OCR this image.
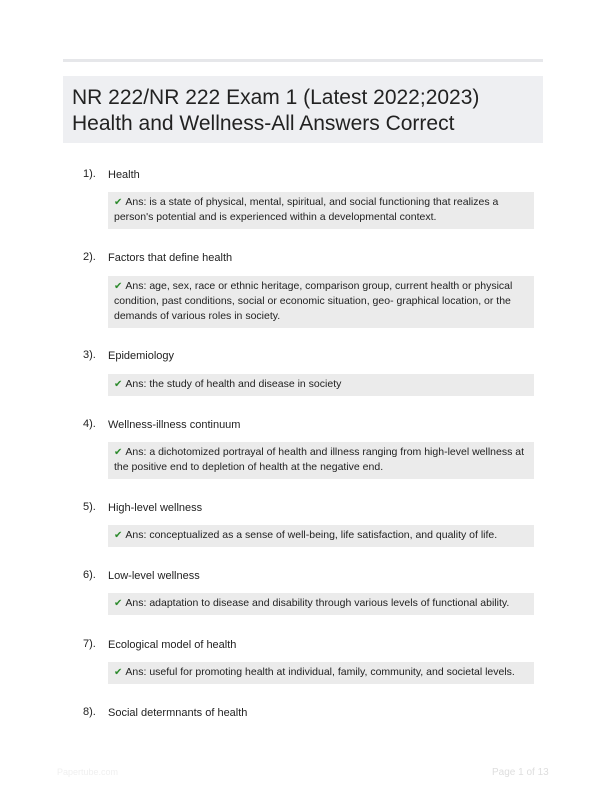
NR 222/NR 222 Exam 1 (Latest 2022;2023)
Health and Wellness-All Answers Correct
1). Health
✔ Ans: is a state of physical, mental, spiritual, and social functioning that realizes a person's potential and is experienced within a developmental context.
2). Factors that define health
✔ Ans: age, sex, race or ethnic heritage, comparison group, current health or physical condition, past conditions, social or economic situation, geo- graphical location, or the demands of various roles in society.
3). Epidemiology
✔ Ans: the study of health and disease in society
4). Wellness-illness continuum
✔ Ans: a dichotomized portrayal of health and illness ranging from high-level wellness at the positive end to depletion of health at the negative end.
5). High-level wellness
✔ Ans: conceptualized as a sense of well-being, life satisfaction, and quality of life.
6). Low-level wellness
✔ Ans: adaptation to disease and disability through various levels of functional ability.
7). Ecological model of health
✔ Ans: useful for promoting health at individual, family, community, and societal levels.
8). Social determnants of health
Papertube.com	Page 1 of 13
